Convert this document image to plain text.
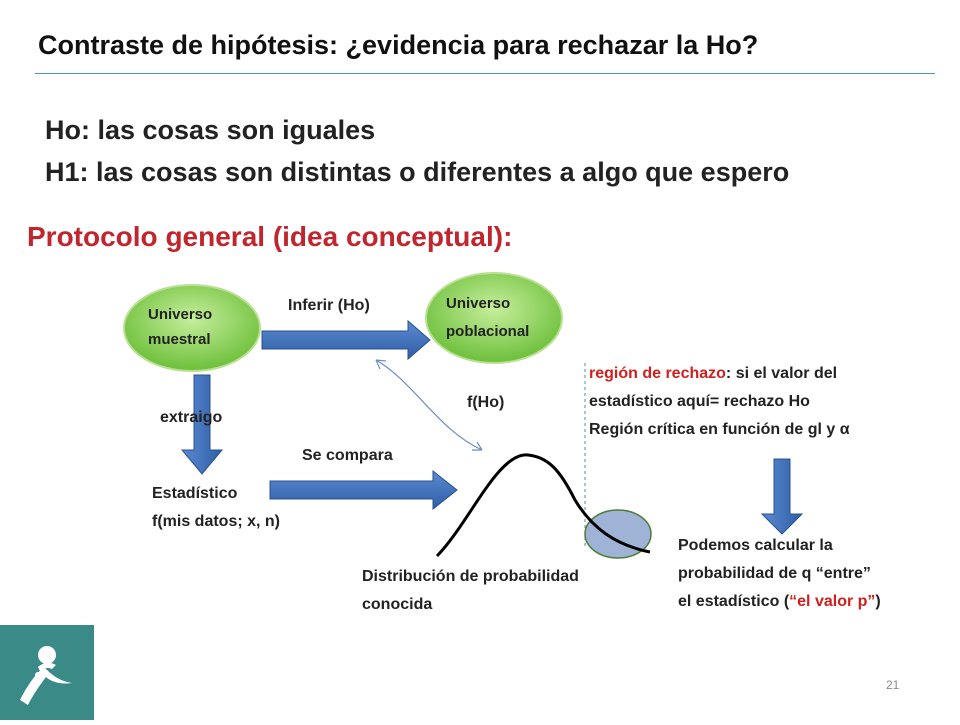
Contraste de hipótesis: ¿evidencia para rechazar la Ho?
Ho: las cosas son iguales
H1: las cosas son distintas o diferentes a algo que espero
Protocolo general (idea conceptual):
Universo
muestral
Universo
poblacional
Inferir (Ho)
extraigo
f(Ho)
Se compara
Estadístico
f(mis datos; x, n)
Distribución de probabilidad
conocida
región de rechazo: si el valor del
estadístico aquí= rechazo Ho
Región crítica en función de gl y α
Podemos calcular la
probabilidad de q “entre”
el estadístico (“el valor p”)
21
